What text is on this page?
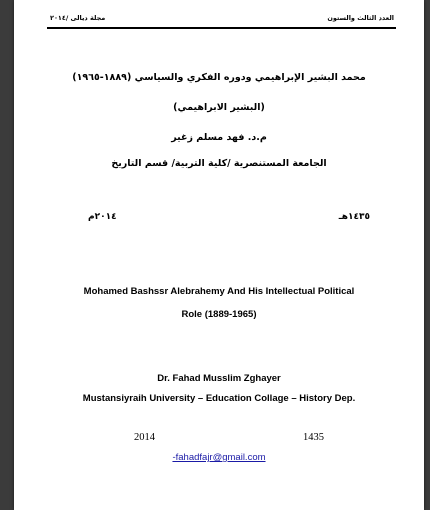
مجلة ديالى /٢٠١٤	العدد الثالث والستون
محمد البشير الإبراهيمي ودوره الفكري والسياسي (١٨٨٩-١٩٦٥)
(البشير الابراهيمي)
م.د. فهد مسلم زغير
الجامعة المستنصرية /كلية التربية/ قسم التاريخ
٢٠١٤م	١٤٣٥هـ
Mohamed Bashssr Alebrahemy And His Intellectual Political
Role (1889-1965)
Dr. Fahad Musslim Zghayer
Mustansiyraih University – Education Collage – History Dep.
2014	1435
-fahadfajr@gmail.com
